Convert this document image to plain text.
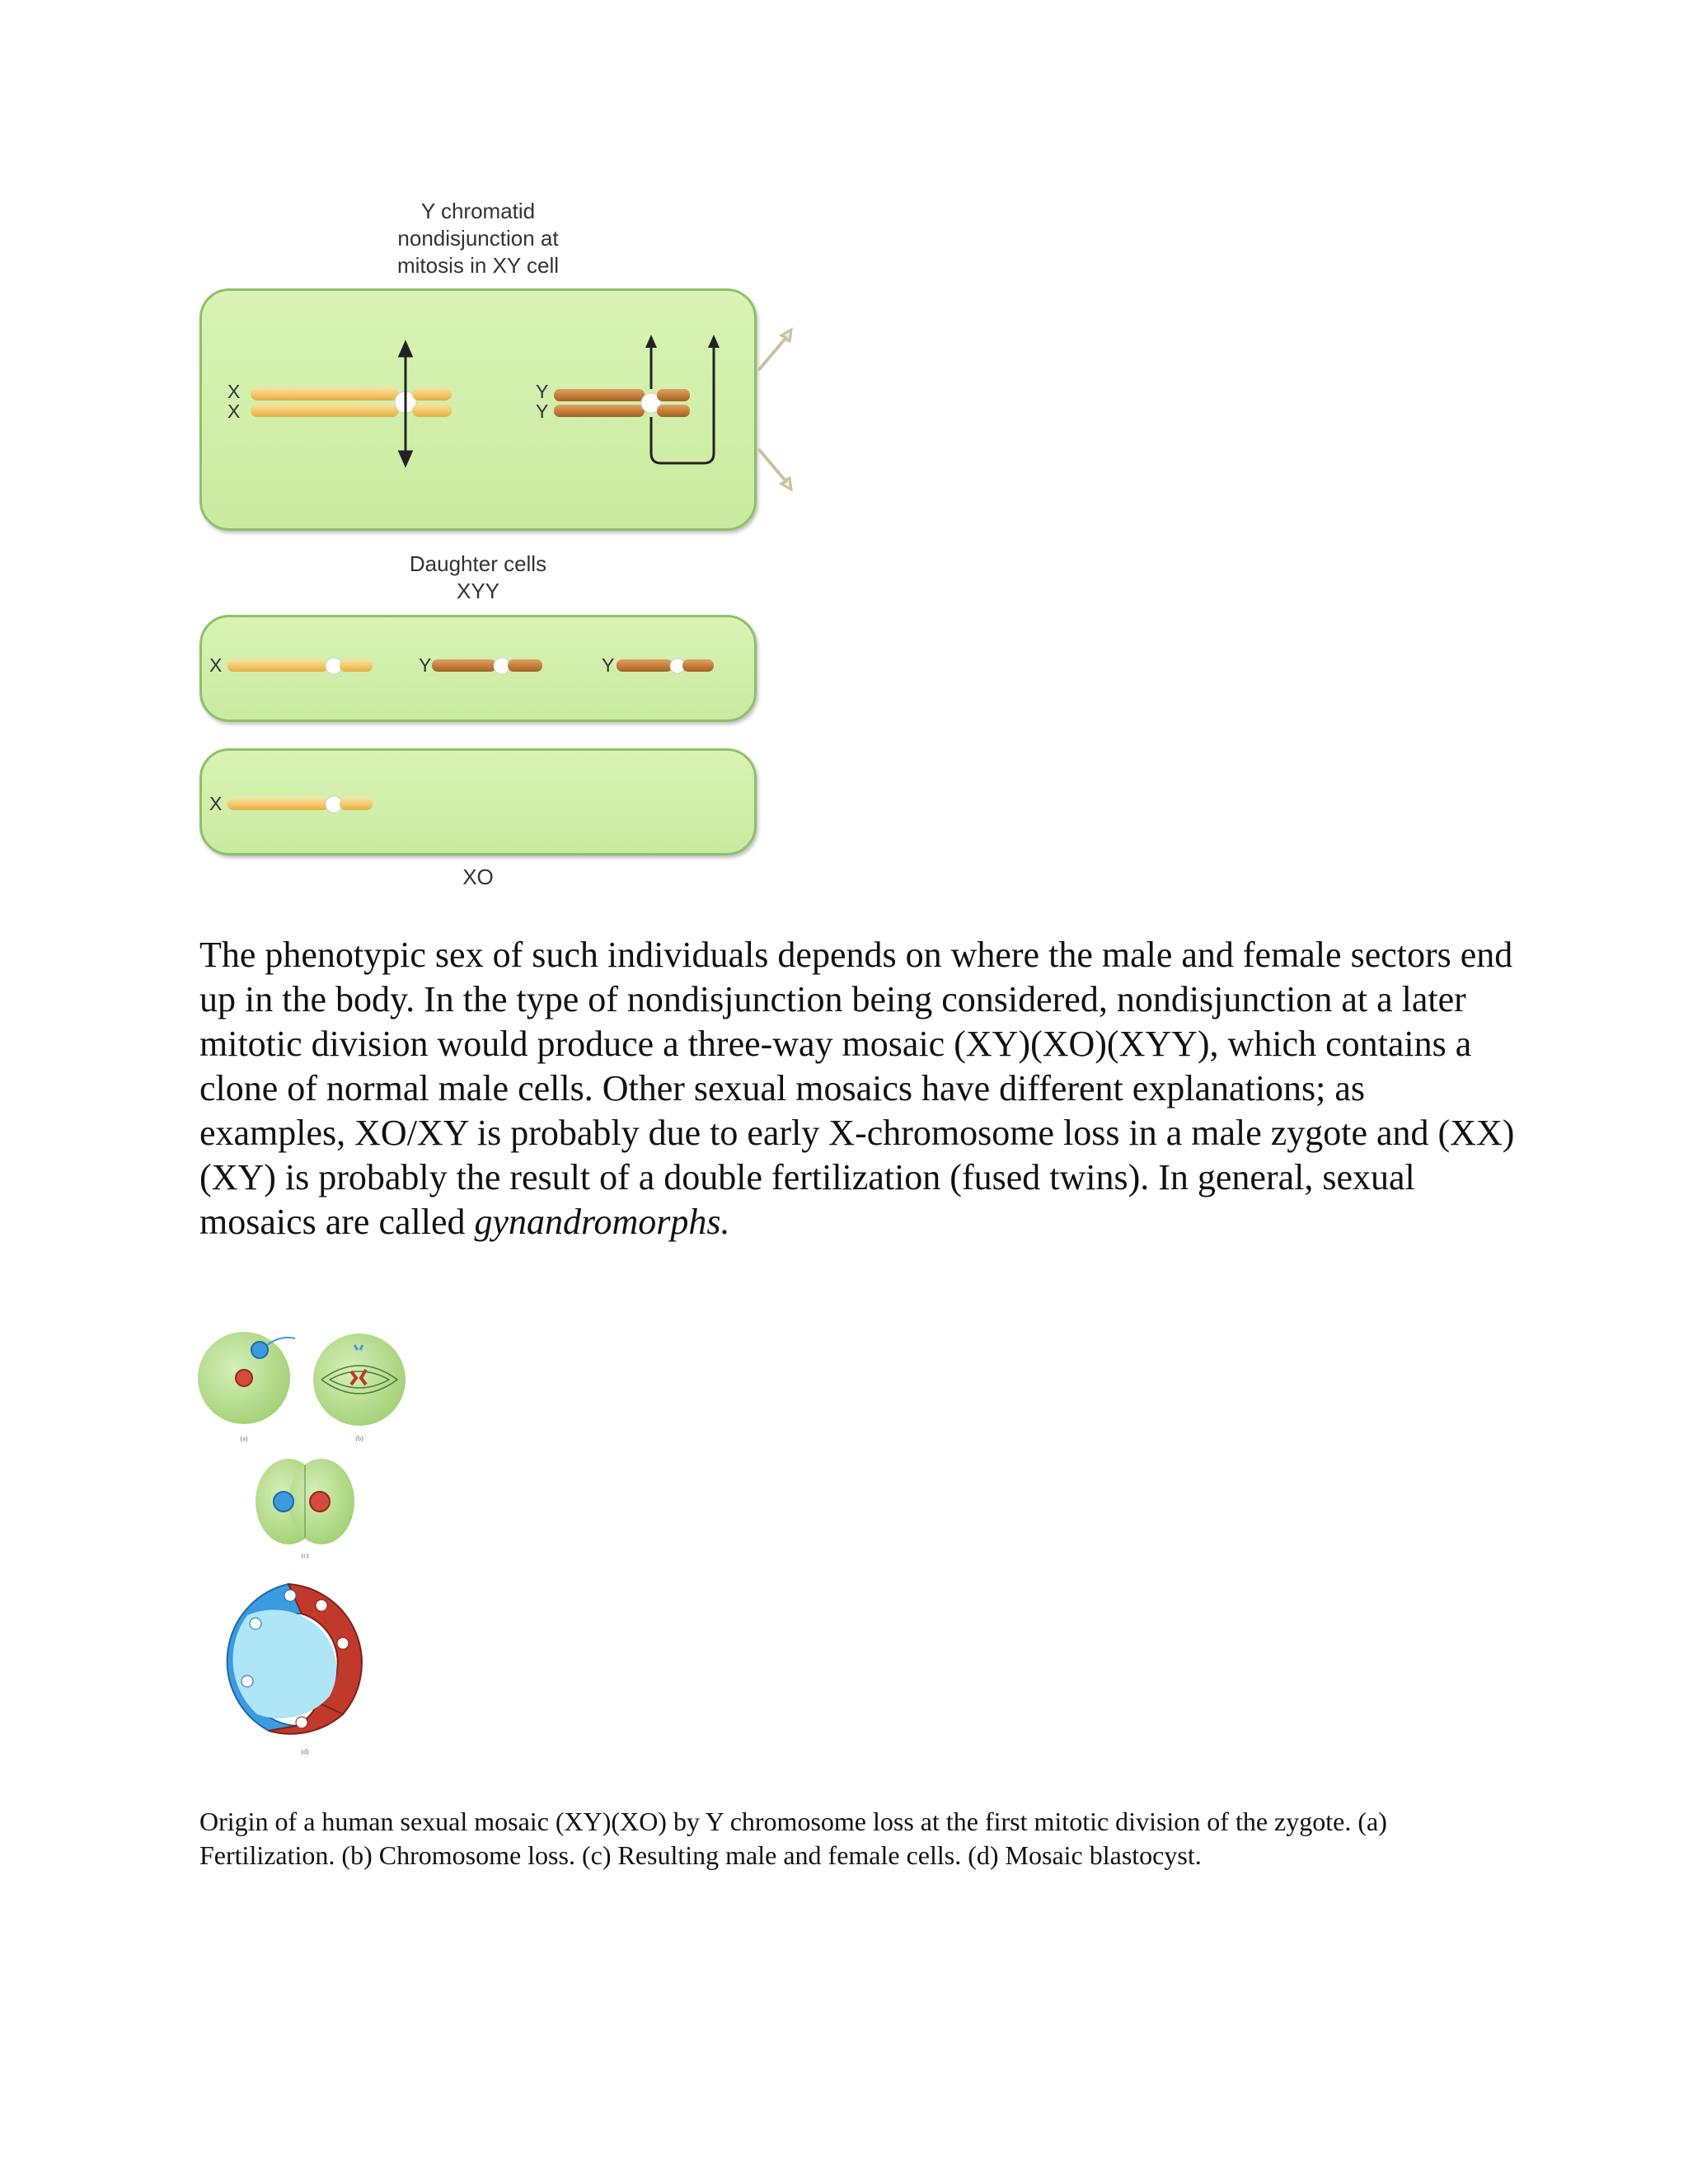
Y chromatid
nondisjunction at
mitosis in XY cell
X
X
Y
Y
Daughter cells
XYY
X	Y	Y
X
XO

The phenotypic sex of such individuals depends on where the male and female sectors end up in the body. In the type of nondisjunction being considered, nondisjunction at a later mitotic division would produce a three-way mosaic (XY)(XO)(XYY), which contains a clone of normal male cells. Other sexual mosaics have different explanations; as examples, XO/XY is probably due to early X-chromosome loss in a male zygote and (XX)(XY) is probably the result of a double fertilization (fused twins). In general, sexual mosaics are called gynandromorphs.

(a)	(b)
(c)
(d)

Origin of a human sexual mosaic (XY)(XO) by Y chromosome loss at the first mitotic division of the zygote. (a) Fertilization. (b) Chromosome loss. (c) Resulting male and female cells. (d) Mosaic blastocyst.
